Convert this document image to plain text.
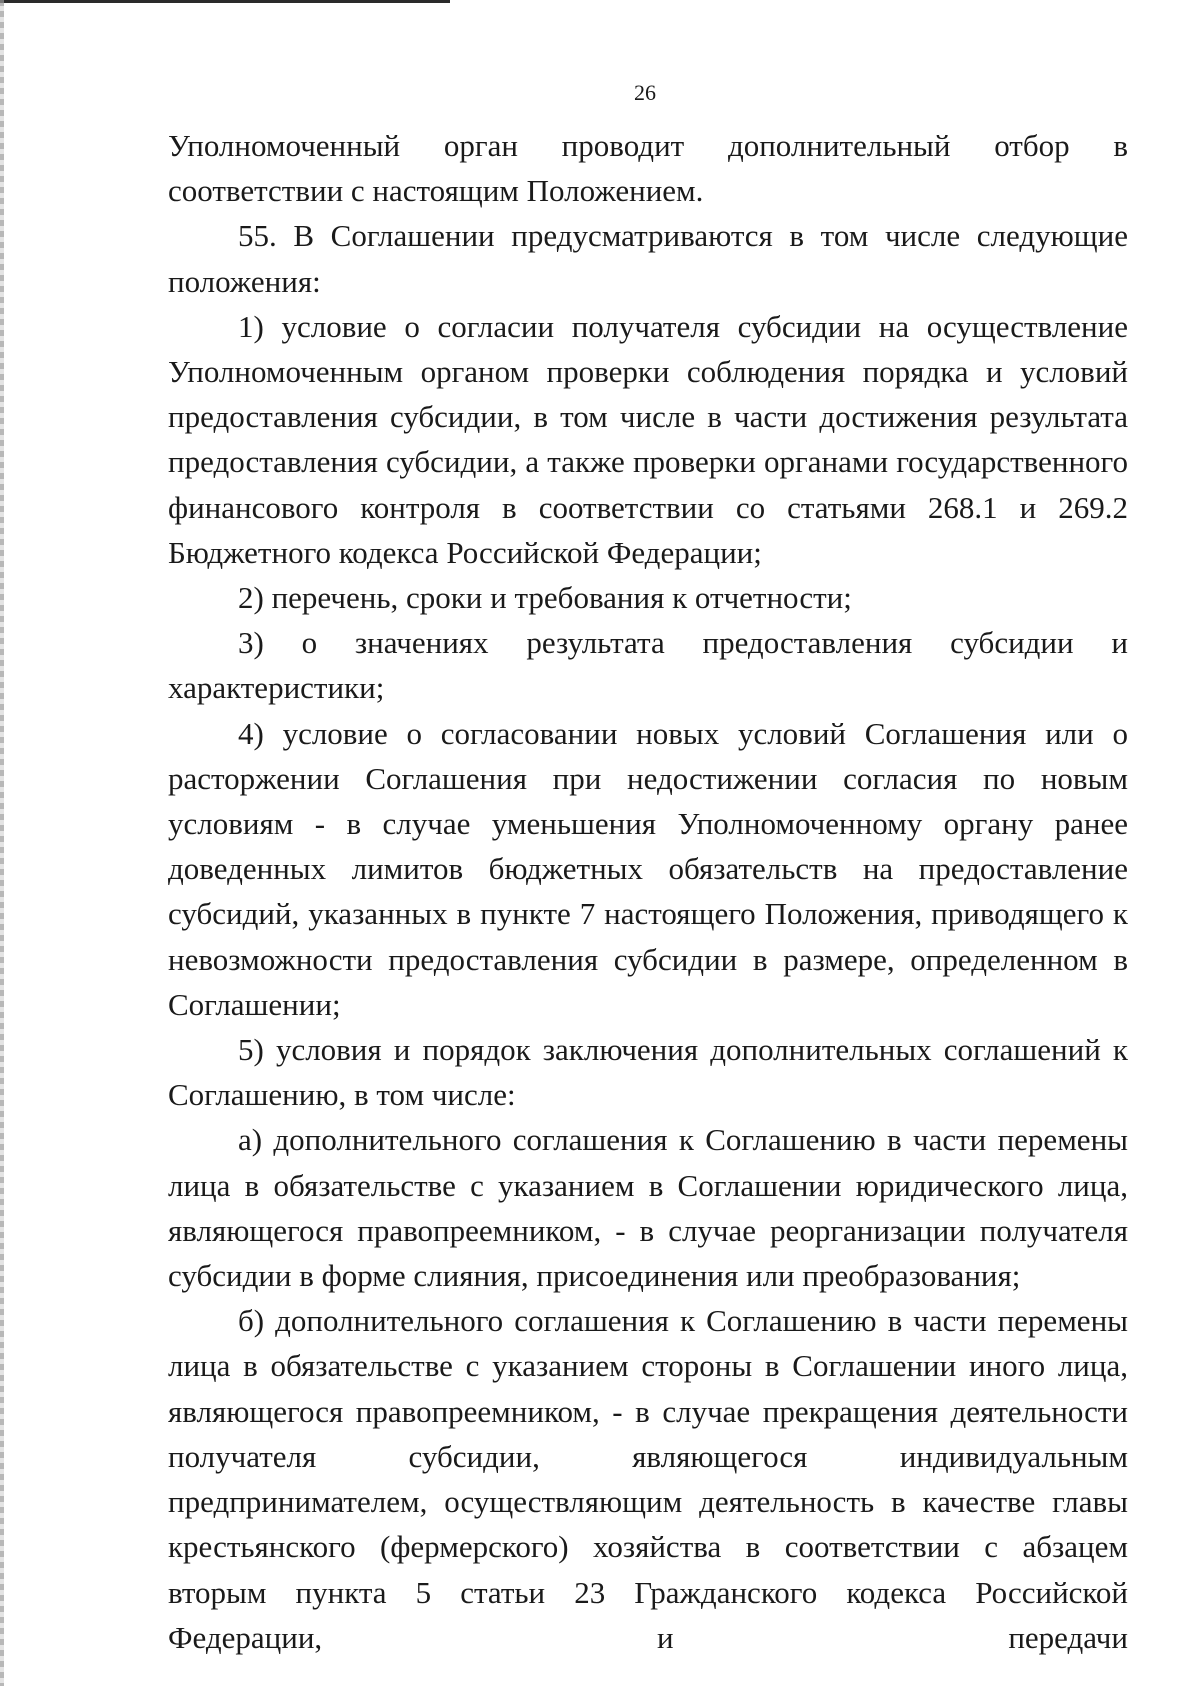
26

Уполномоченный орган проводит дополнительный отбор в соответствии с настоящим Положением.

55. В Соглашении предусматриваются в том числе следующие положения:

1) условие о согласии получателя субсидии на осуществление Уполномоченным органом проверки соблюдения порядка и условий предоставления субсидии, в том числе в части достижения результата предоставления субсидии, а также проверки органами государственного финансового контроля в соответствии со статьями 268.1 и 269.2 Бюджетного кодекса Российской Федерации;

2) перечень, сроки и требования к отчетности;

3) о значениях результата предоставления субсидии и характеристики;

4) условие о согласовании новых условий Соглашения или о расторжении Соглашения при недостижении согласия по новым условиям - в случае уменьшения Уполномоченному органу ранее доведенных лимитов бюджетных обязательств на предоставление субсидий, указанных в пункте 7 настоящего Положения, приводящего к невозможности предоставления субсидии в размере, определенном в Соглашении;

5) условия и порядок заключения дополнительных соглашений к Соглашению, в том числе:

а) дополнительного соглашения к Соглашению в части перемены лица в обязательстве с указанием в Соглашении юридического лица, являющегося правопреемником, - в случае реорганизации получателя субсидии в форме слияния, присоединения или преобразования;

б) дополнительного соглашения к Соглашению в части перемены лица в обязательстве с указанием стороны в Соглашении иного лица, являющегося правопреемником, - в случае прекращения деятельности получателя субсидии, являющегося индивидуальным предпринимателем, осуществляющим деятельность в качестве главы крестьянского (фермерского) хозяйства в соответствии с абзацем вторым пункта 5 статьи 23 Гражданского кодекса Российской Федерации, и передачи
